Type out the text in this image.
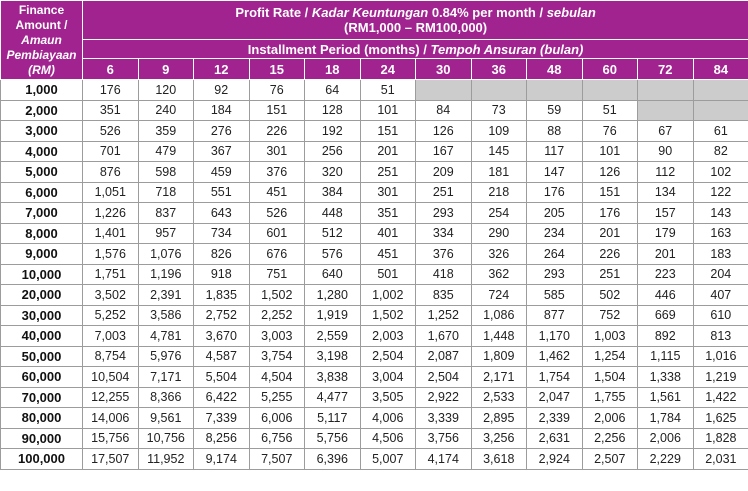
Finance
Amount /
Amaun
Pembiayaan
(RM)	Profit Rate / Kadar Keuntungan 0.84% per month / sebulan
(RM1,000 – RM100,000)											
	Installment Period (months) / Tempoh Ansuran (bulan)											
	6	9	12	15	18	24	30	36	48	60	72	84
1,000	176	120	92	76	64	51						
2,000	351	240	184	151	128	101	84	73	59	51		
3,000	526	359	276	226	192	151	126	109	88	76	67	61
4,000	701	479	367	301	256	201	167	145	117	101	90	82
5,000	876	598	459	376	320	251	209	181	147	126	112	102
6,000	1,051	718	551	451	384	301	251	218	176	151	134	122
7,000	1,226	837	643	526	448	351	293	254	205	176	157	143
8,000	1,401	957	734	601	512	401	334	290	234	201	179	163
9,000	1,576	1,076	826	676	576	451	376	326	264	226	201	183
10,000	1,751	1,196	918	751	640	501	418	362	293	251	223	204
20,000	3,502	2,391	1,835	1,502	1,280	1,002	835	724	585	502	446	407
30,000	5,252	3,586	2,752	2,252	1,919	1,502	1,252	1,086	877	752	669	610
40,000	7,003	4,781	3,670	3,003	2,559	2,003	1,670	1,448	1,170	1,003	892	813
50,000	8,754	5,976	4,587	3,754	3,198	2,504	2,087	1,809	1,462	1,254	1,115	1,016
60,000	10,504	7,171	5,504	4,504	3,838	3,004	2,504	2,171	1,754	1,504	1,338	1,219
70,000	12,255	8,366	6,422	5,255	4,477	3,505	2,922	2,533	2,047	1,755	1,561	1,422
80,000	14,006	9,561	7,339	6,006	5,117	4,006	3,339	2,895	2,339	2,006	1,784	1,625
90,000	15,756	10,756	8,256	6,756	5,756	4,506	3,756	3,256	2,631	2,256	2,006	1,828
100,000	17,507	11,952	9,174	7,507	6,396	5,007	4,174	3,618	2,924	2,507	2,229	2,031
